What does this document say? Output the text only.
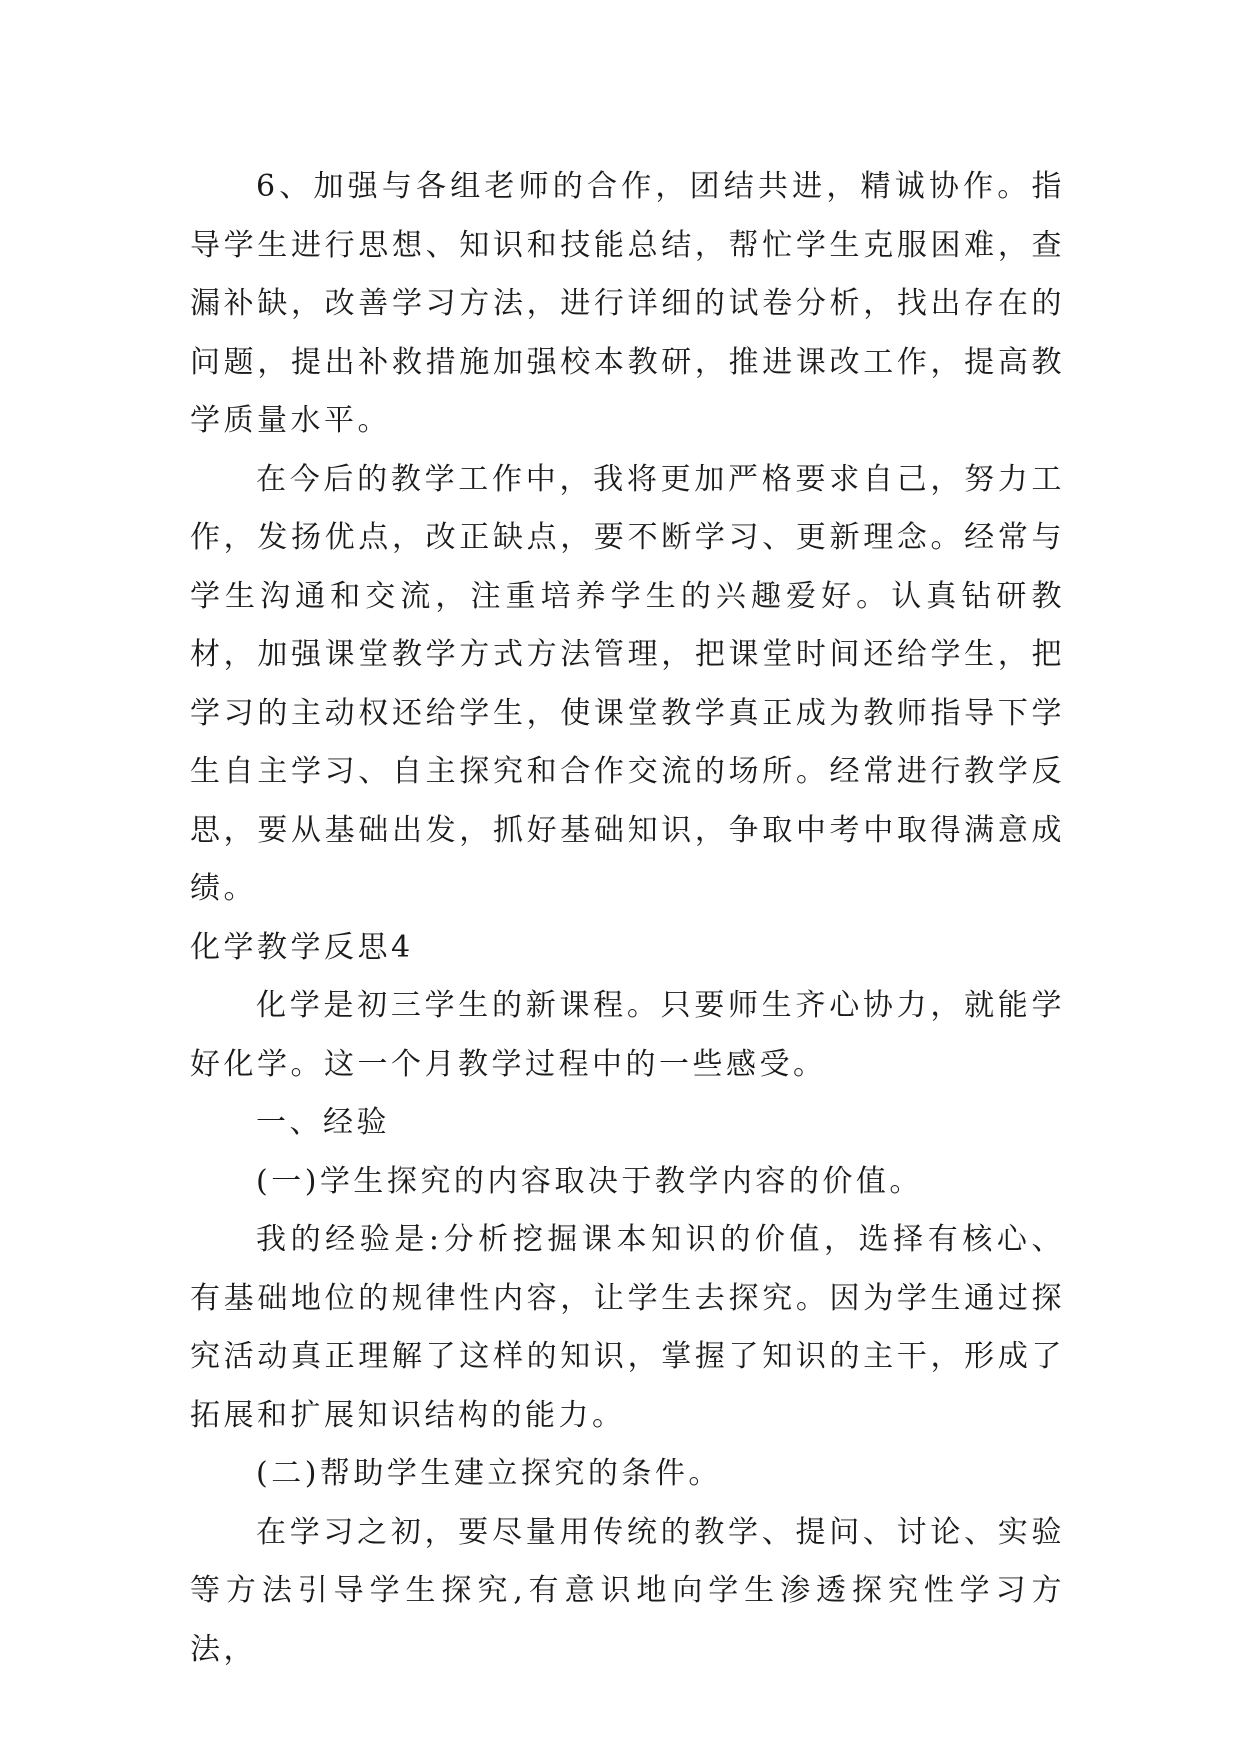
6、加强与各组老师的合作，团结共进，精诚协作。指导学生进行思想、知识和技能总结，帮忙学生克服困难，查漏补缺，改善学习方法，进行详细的试卷分析，找出存在的问题，提出补救措施加强校本教研，推进课改工作，提高教学质量水平。

在今后的教学工作中，我将更加严格要求自己，努力工作，发扬优点，改正缺点，要不断学习、更新理念。经常与学生沟通和交流，注重培养学生的兴趣爱好。认真钻研教材，加强课堂教学方式方法管理，把课堂时间还给学生，把学习的主动权还给学生，使课堂教学真正成为教师指导下学生自主学习、自主探究和合作交流的场所。经常进行教学反思，要从基础出发，抓好基础知识，争取中考中取得满意成绩。

化学教学反思4

化学是初三学生的新课程。只要师生齐心协力，就能学好化学。这一个月教学过程中的一些感受。

一、经验

(一)学生探究的内容取决于教学内容的价值。

我的经验是:分析挖掘课本知识的价值，选择有核心、有基础地位的规律性内容，让学生去探究。因为学生通过探究活动真正理解了这样的知识，掌握了知识的主干，形成了拓展和扩展知识结构的能力。

(二)帮助学生建立探究的条件。

在学习之初，要尽量用传统的教学、提问、讨论、实验等方法引导学生探究,有意识地向学生渗透探究性学习方法，
